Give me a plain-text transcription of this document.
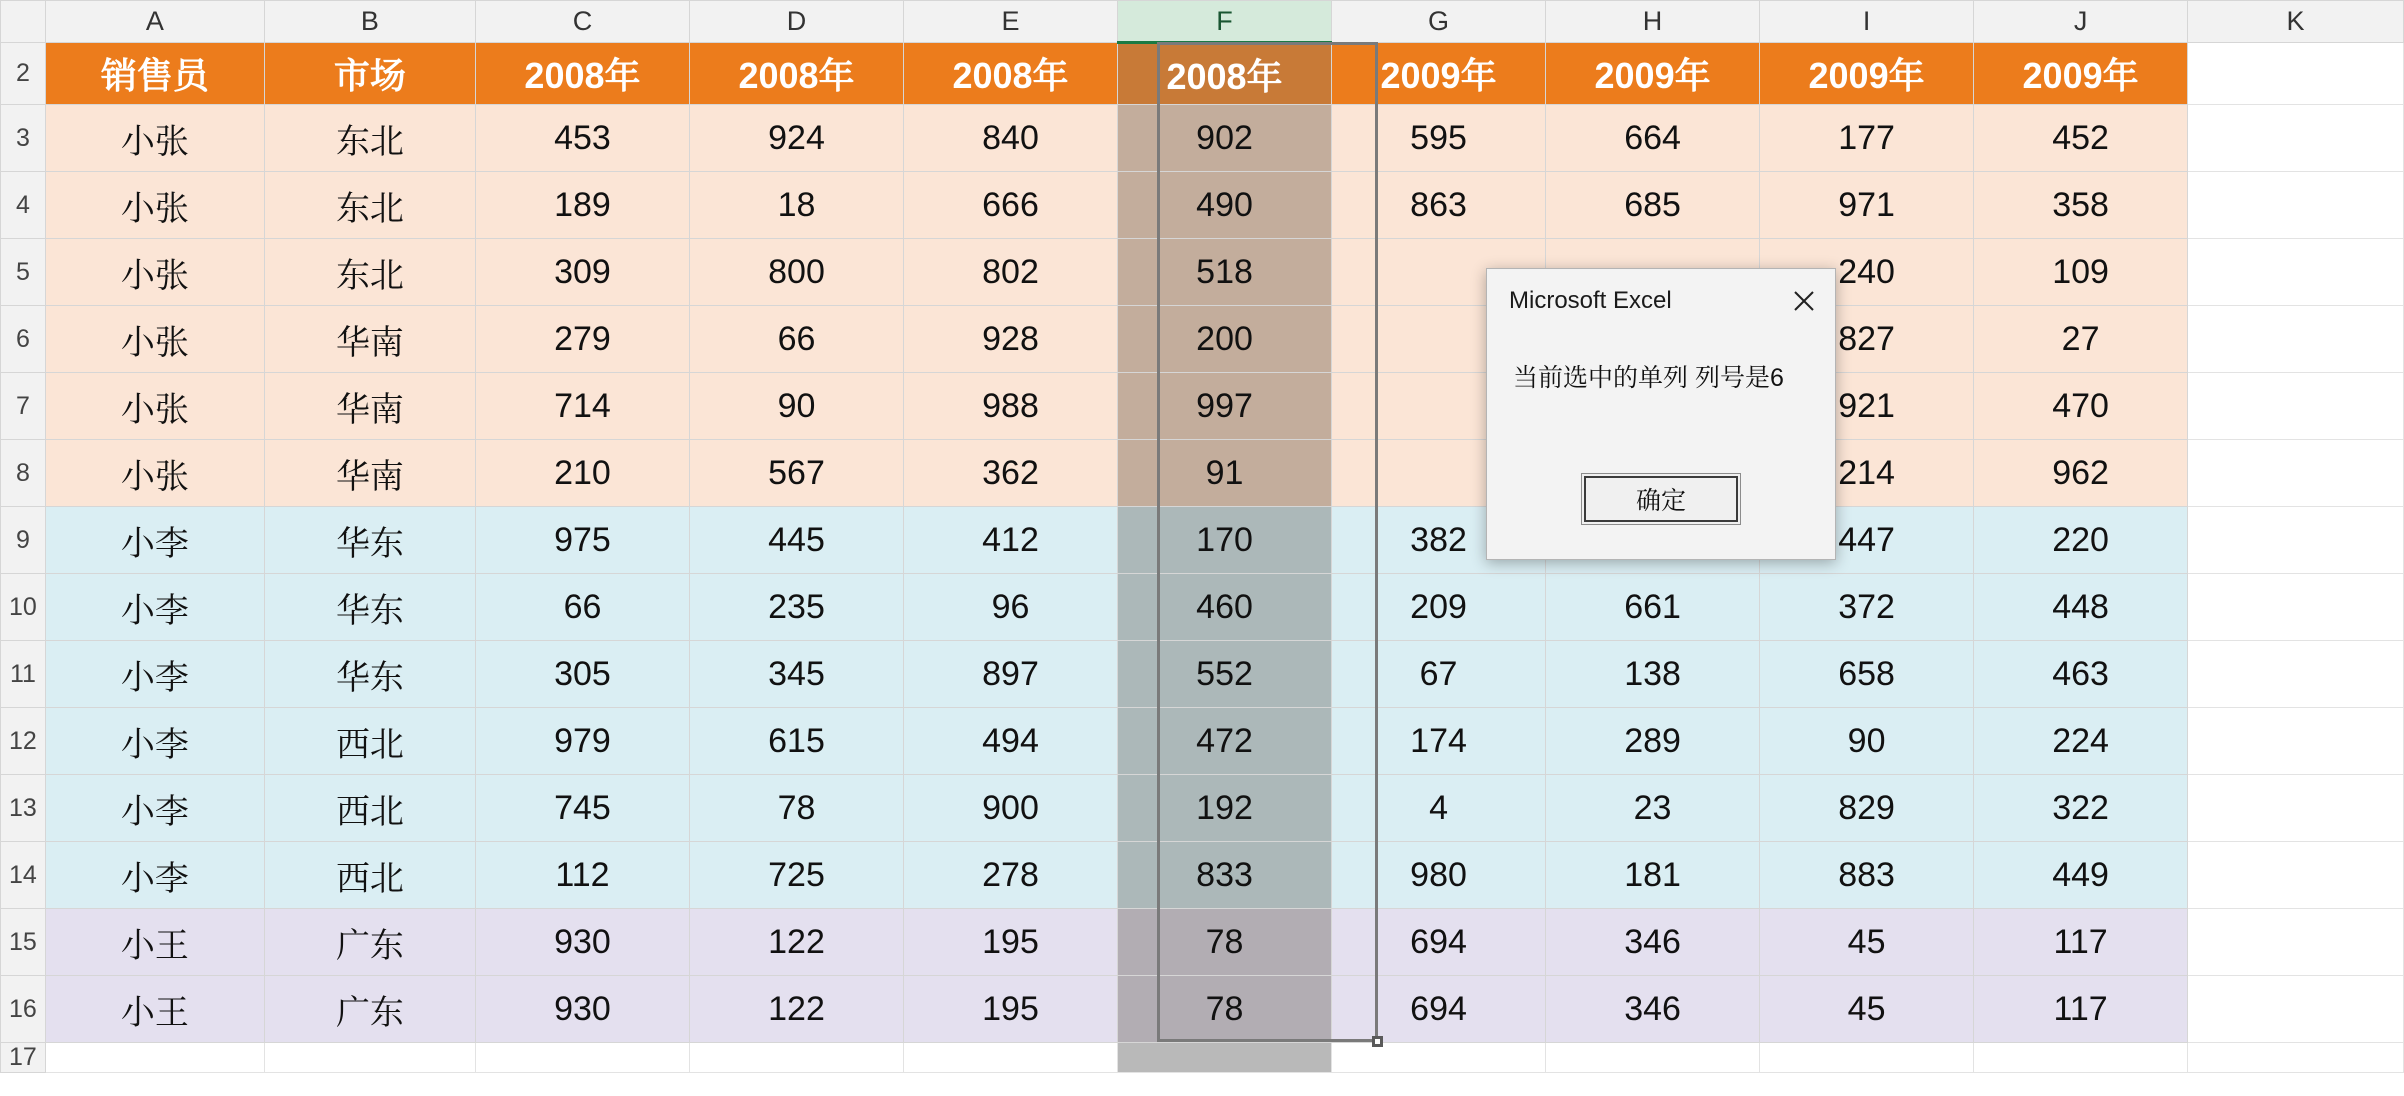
	A	B	C	D	E	F	G	H	I	J	K
2	销售员	市场	2008年	2008年	2008年	2008年	2009年	2009年	2009年	2009年	
3	小张	东北	453	924	840	902	595	664	177	452	
4	小张	东北	189	18	666	490	863	685	971	358	
5	小张	东北	309	800	802	518			240	109	
6	小张	华南	279	66	928	200			827	27	
7	小张	华南	714	90	988	997			921	470	
8	小张	华南	210	567	362	91			214	962	
9	小李	华东	975	445	412	170	382		447	220	
10	小李	华东	66	235	96	460	209	661	372	448	
11	小李	华东	305	345	897	552	67	138	658	463	
12	小李	西北	979	615	494	472	174	289	90	224	
13	小李	西北	745	78	900	192	4	23	829	322	
14	小李	西北	112	725	278	833	980	181	883	449	
15	小王	广东	930	122	195	78	694	346	45	117	
16	小王	广东	930	122	195	78	694	346	45	117	
17											
Microsoft Excel
当前选中的单列 列号是6
确定
